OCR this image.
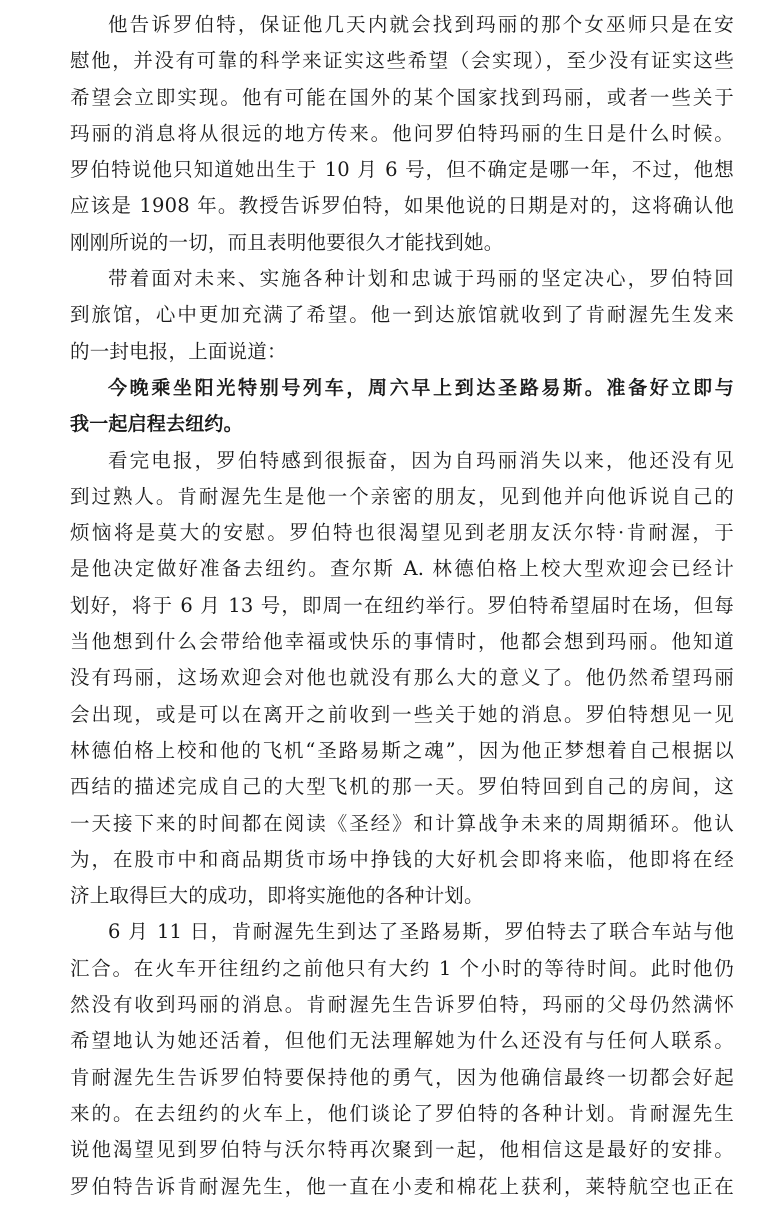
他告诉罗伯特，保证他几天内就会找到玛丽的那个女巫师只是在安
慰他，并没有可靠的科学来证实这些希望（会实现），至少没有证实这些
希望会立即实现。他有可能在国外的某个国家找到玛丽，或者一些关于
玛丽的消息将从很远的地方传来。他问罗伯特玛丽的生日是什么时候。
罗伯特说他只知道她出生于 10 月 6 号，但不确定是哪一年，不过，他想
应该是 1908 年。教授告诉罗伯特，如果他说的日期是对的，这将确认他
刚刚所说的一切，而且表明他要很久才能找到她。
带着面对未来、实施各种计划和忠诚于玛丽的坚定决心，罗伯特回
到旅馆，心中更加充满了希望。他一到达旅馆就收到了肯耐渥先生发来
的一封电报，上面说道：
今晚乘坐阳光特别号列车，周六早上到达圣路易斯。准备好立即与
我一起启程去纽约。
看完电报，罗伯特感到很振奋，因为自玛丽消失以来，他还没有见
到过熟人。肯耐渥先生是他一个亲密的朋友，见到他并向他诉说自己的
烦恼将是莫大的安慰。罗伯特也很渴望见到老朋友沃尔特·肯耐渥，于
是他决定做好准备去纽约。查尔斯 A. 林德伯格上校大型欢迎会已经计
划好，将于 6 月 13 号，即周一在纽约举行。罗伯特希望届时在场，但每
当他想到什么会带给他幸福或快乐的事情时，他都会想到玛丽。他知道
没有玛丽，这场欢迎会对他也就没有那么大的意义了。他仍然希望玛丽
会出现，或是可以在离开之前收到一些关于她的消息。罗伯特想见一见
林德伯格上校和他的飞机“圣路易斯之魂”，因为他正梦想着自己根据以
西结的描述完成自己的大型飞机的那一天。罗伯特回到自己的房间，这
一天接下来的时间都在阅读《圣经》和计算战争未来的周期循环。他认
为，在股市中和商品期货市场中挣钱的大好机会即将来临，他即将在经
济上取得巨大的成功，即将实施他的各种计划。
6 月 11 日，肯耐渥先生到达了圣路易斯，罗伯特去了联合车站与他
汇合。在火车开往纽约之前他只有大约 1 个小时的等待时间。此时他仍
然没有收到玛丽的消息。肯耐渥先生告诉罗伯特，玛丽的父母仍然满怀
希望地认为她还活着，但他们无法理解她为什么还没有与任何人联系。
肯耐渥先生告诉罗伯特要保持他的勇气，因为他确信最终一切都会好起
来的。在去纽约的火车上，他们谈论了罗伯特的各种计划。肯耐渥先生
说他渴望见到罗伯特与沃尔特再次聚到一起，他相信这是最好的安排。
罗伯特告诉肯耐渥先生，他一直在小麦和棉花上获利，莱特航空也正在
